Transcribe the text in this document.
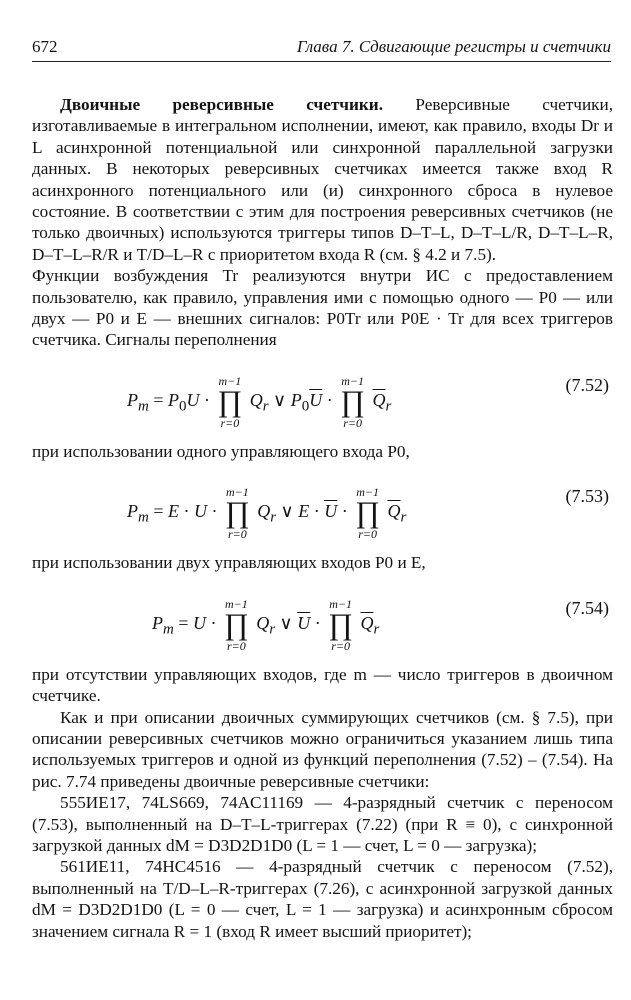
672	Глава 7. Сдвигающие регистры и счетчики

Двоичные реверсивные счетчики. Реверсивные счетчики, изготавливаемые в интегральном исполнении, имеют, как правило, входы Dr и L асинхронной потенциальной или синхронной параллельной загрузки данных. В некоторых реверсивных счетчиках имеется также вход R асинхронного потенциального или (и) синхронного сброса в нулевое состояние. В соответствии с этим для построения реверсивных счетчиков (не только двоичных) используются триггеры типов D–T–L, D–T–L/R, D–T–L–R, D–T–L–R/R и T/D–L–R с приоритетом входа R (см. § 4.2 и 7.5).

Функции возбуждения Tr реализуются внутри ИС с предоставлением пользователю, как правило, управления ими с помощью одного — P0 — или двух — P0 и E — внешних сигналов: P0Tr или P0E · Tr для всех триггеров счетчика. Сигналы переполнения

$P_m = P_0U$ ·
m−1
∏
r=0
$Q_r$ ∨ $P_0\overline{U}$ ·
m−1
∏
r=0
$\overline{Q}_r$
(7.52)

при использовании одного управляющего входа P0,

$P_m = E \cdot U$ ·
m−1
∏
r=0
$Q_r$ ∨ $E \cdot \overline{U}$ ·
m−1
∏
r=0
$\overline{Q}_r$
(7.53)

при использовании двух управляющих входов P0 и E,

$P_m = U$ ·
m−1
∏
r=0
$Q_r$ ∨ $\overline{U}$ ·
m−1
∏
r=0
$\overline{Q}_r$
(7.54)

при отсутствии управляющих входов, где m — число триггеров в двоичном счетчике.

Как и при описании двоичных суммирующих счетчиков (см. § 7.5), при описании реверсивных счетчиков можно ограничиться указанием лишь типа используемых триггеров и одной из функций переполнения (7.52) – (7.54). На рис. 7.74 приведены двоичные реверсивные счетчики:

555ИЕ17, 74LS669, 74AC11169 — 4-разрядный счетчик с переносом (7.53), выполненный на D–T–L-триггерах (7.22) (при R ≡ 0), с синхронной загрузкой данных dM = D3D2D1D0 (L = 1 — счет, L = 0 — загрузка);

561ИЕ11, 74HC4516 — 4-разрядный счетчик с переносом (7.52), выполненный на T/D–L–R-триггерах (7.26), с асинхронной загрузкой данных dM = D3D2D1D0 (L = 0 — счет, L = 1 — загрузка) и асинхронным сбросом значением сигнала R = 1 (вход R имеет высший приоритет);
